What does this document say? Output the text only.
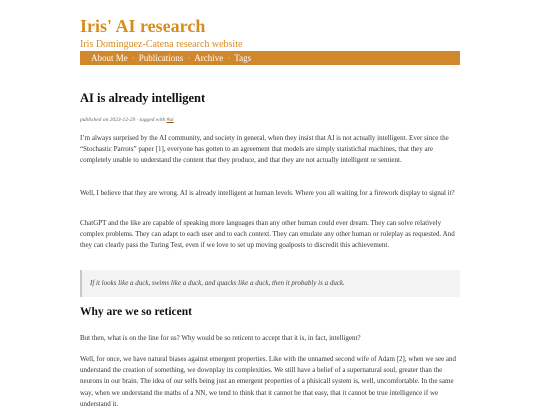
Iris' AI research
Iris Dominguez-Catena research website
About Me · Publications · Archive · Tags
AI is already intelligent
published on 2023-12-29 · tagged with #ai

I’m always surprised by the AI community, and society in general, when they insist that AI is not actually intelligent. Ever since the “Stochastic Parrots” paper [1], everyone has gotten to an agreement that models are simply statistichal machines, that they are completely unable to understand the content that they produce, and that they are not actually intelligent or sentient.

Well, I believe that they are wrong. AI is already intelligent at human levels. Where you all waiting for a firework display to signal it?

ChatGPT and the like are capable of speaking more languages than any other human could ever dream. They can solve relatively complex problems. They can adapt to each user and to each context. They can emulate any other human or roleplay as requested. And they can clearly pass the Turing Test, even if we love to set up moving goalposts to discredit this achievement.

If it looks like a duck, swims like a duck, and quacks like a duck, then it probably is a duck.
Why are we so reticent

But then, what is on the line for us? Why would be so reticent to accept that it is, in fact, intelligent?

Well, for once, we have natural biases against emergent properties. Like with the unnamed second wife of Adam [2], when we see and understand the creation of something, we downplay its complexities. We still have a belief of a supernatural soul, greater than the neurons in our brain. The idea of our selfs being just an emergent properties of a phisicall system is, well, uncomfortable. In the same way, when we understand the maths of a NN, we tend to think that it cannot be that easy, that it cannot be true intelligence if we understand it.
